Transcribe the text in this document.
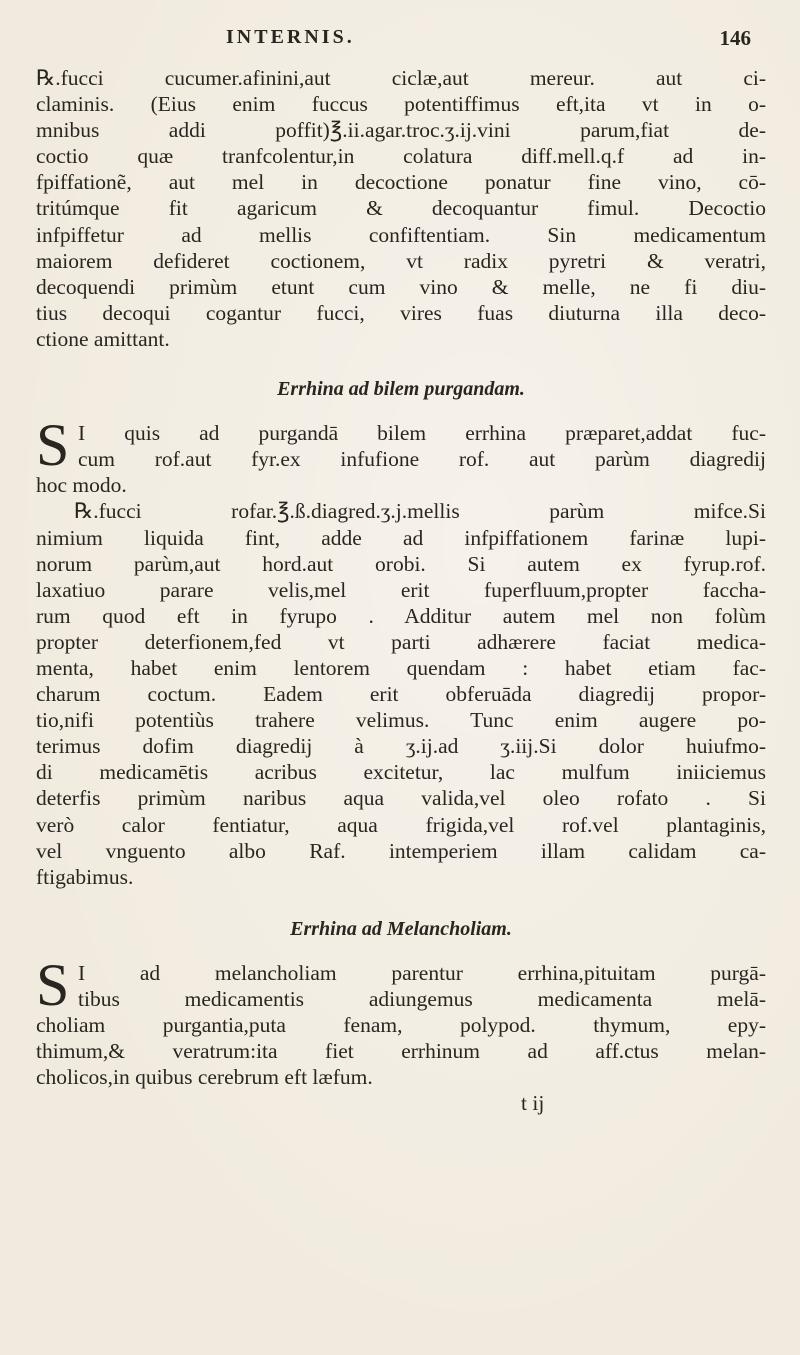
INTERNIS.	146
℞.fucci cucumer.afinini,aut ciclæ,aut mereur. aut ci-
claminis. (Eius enim fuccus potentiffimus eft,ita vt in o-
mnibus addi poffit)℥.ii.agar.troc.ʒ.ij.vini parum,fiat de-
coctio quæ tranfcolentur,in colatura diff.mell.q.f ad in-
fpiffationẽ, aut mel in decoctione ponatur fine vino, cō-
tritúmque fit agaricum & decoquantur fimul. Decoctio
infpiffetur ad mellis confiftentiam. Sin medicamentum
maiorem defideret coctionem, vt radix pyretri & veratri,
decoquendi primùm etunt cum vino & melle, ne fi diu-
tius decoqui cogantur fucci, vires fuas diuturna illa deco-
ctione amittant.
Errhina ad bilem purgandam.
S I quis ad purgandā bilem errhina præparet,addat fuc-
cum rof.aut fyr.ex infufione rof. aut parùm diagredij
hoc modo.
℞.fucci rofar.℥.ß.diagred.ʒ.j.mellis parùm mifce.Si
nimium liquida fint, adde ad infpiffationem farinæ lupi-
norum parùm,aut hord.aut orobi. Si autem ex fyrup.rof.
laxatiuo parare velis,mel erit fuperfluum,propter faccha-
rum quod eft in fyrupo . Additur autem mel non folùm
propter deterfionem,fed vt parti adhærere faciat medica-
menta, habet enim lentorem quendam : habet etiam fac-
charum coctum. Eadem erit obferuāda diagredij propor-
tio,nifi potentiùs trahere velimus. Tunc enim augere po-
terimus dofim diagredij à ʒ.ij.ad ʒ.iij.Si dolor huiufmo-
di medicamētis acribus excitetur, lac mulfum iniiciemus
deterfis primùm naribus aqua valida,vel oleo rofato . Si
verò calor fentiatur, aqua frigida,vel rof.vel plantaginis,
vel vnguento albo Raf. intemperiem illam calidam ca-
ftigabimus.
Errhina ad Melancholiam.
S I ad melancholiam parentur errhina,pituitam purgā-
tibus medicamentis adiungemus medicamenta melā-
choliam purgantia,puta fenam, polypod. thymum, epy-
thimum,& veratrum:ita fiet errhinum ad aff.ctus melan-
cholicos,in quibus cerebrum eft læfum.
t ij
